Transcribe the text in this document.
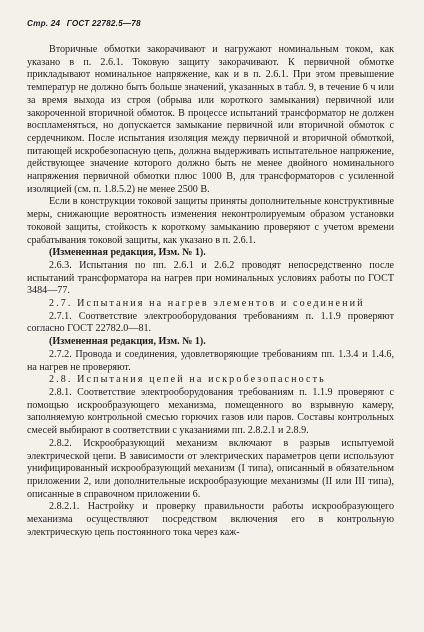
Стр. 24 ГОСТ 22782.5—78

Вторичные обмотки закорачивают и нагружают номинальным током, как указано в п. 2.6.1. Токовую защиту закорачивают. К первичной обмотке прикладывают номинальное напряжение, как и в п. 2.6.1. При этом превышение температур не должно быть больше значений, указанных в табл. 9, в течение 6 ч или за время выхода из строя (обрыва или короткого замыкания) первичной или закороченной вторичной обмоток. В процессе испытаний трансформатор не должен воспламеняться, но допускается замыкание первичной или вторичной обмоток с сердечником. После испытания изоляция между первичной и вторичной обмоткой, питающей искробезопасную цепь, должна выдерживать испытательное напряжение, действующее значение которого должно быть не менее двойного номинального напряжения первичной обмотки плюс 1000 В, для трансформаторов с усиленной изоляцией (см. п. 1.8.5.2) не менее 2500 В.

Если в конструкции токовой защиты приняты дополнительные конструктивные меры, снижающие вероятность изменения неконтролируемым образом установки токовой защиты, стойкость к короткому замыканию проверяют с учетом времени срабатывания токовой защиты, как указано в п. 2.6.1.

(Измененная редакция, Изм. № 1).

2.6.3. Испытания по пп. 2.6.1 и 2.6.2 проводят непосредственно после испытаний трансформатора на нагрев при номинальных условиях работы по ГОСТ 3484—77.

2.7. Испытания на нагрев элементов и соединений

2.7.1. Соответствие электрооборудования требованиям п. 1.1.9 проверяют согласно ГОСТ 22782.0—81.

(Измененная редакция, Изм. № 1).

2.7.2. Провода и соединения, удовлетворяющие требованиям пп. 1.3.4 и 1.4.6, на нагрев не проверяют.

2.8. Испытания цепей на искробезопасность

2.8.1. Соответствие электрооборудования требованиям п. 1.1.9 проверяют с помощью искрообразующего механизма, помещенного во взрывную камеру, заполняемую контрольной смесью горючих газов или паров. Составы контрольных смесей выбирают в соответствии с указаниями пп. 2.8.2.1 и 2.8.9.

2.8.2. Искрообразующий механизм включают в разрыв испытуемой электрической цепи. В зависимости от электрических параметров цепи используют унифицированный искрообразующий механизм (I типа), описанный в обязательном приложении 2, или дополнительные искрообразующие механизмы (II или III типа), описанные в справочном приложении 6.

2.8.2.1. Настройку и проверку правильности работы искрообразующего механизма осуществляют посредством включения его в контрольную электрическую цепь постоянного тока через каж-
